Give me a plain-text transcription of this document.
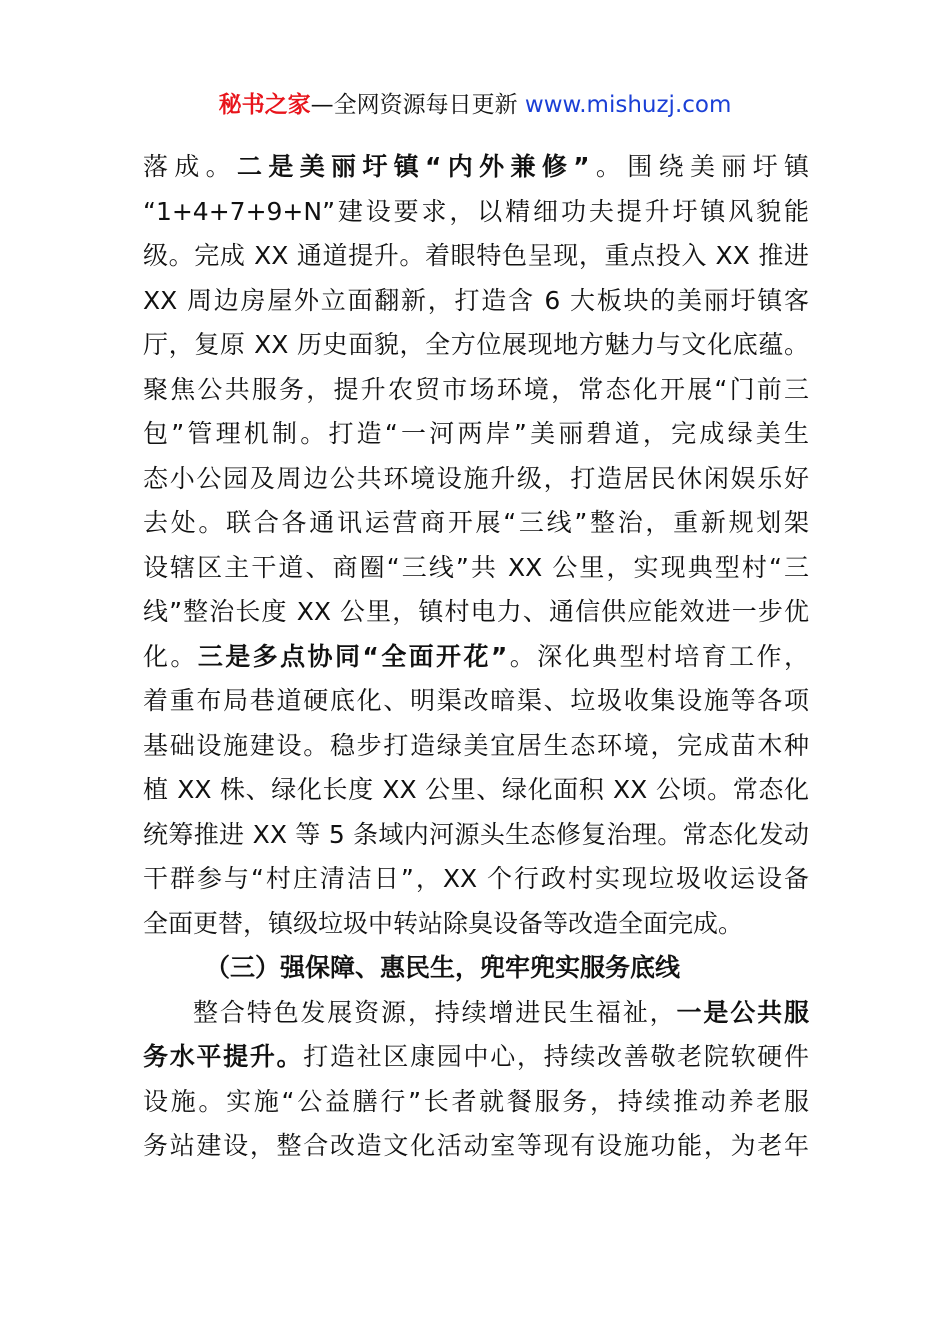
秘书之家—全网资源每日更新 www.mishuzj.com
落成。二是美丽圩镇“内外兼修”。围绕美丽圩镇
“1+4+7+9+N”建设要求，以精细功夫提升圩镇风貌能
级。完成 XX 通道提升。着眼特色呈现，重点投入 XX 推进
XX 周边房屋外立面翻新，打造含 6 大板块的美丽圩镇客
厅，复原 XX 历史面貌，全方位展现地方魅力与文化底蕴。
聚焦公共服务，提升农贸市场环境，常态化开展“门前三
包”管理机制。打造“一河两岸”美丽碧道，完成绿美生
态小公园及周边公共环境设施升级，打造居民休闲娱乐好
去处。联合各通讯运营商开展“三线”整治，重新规划架
设辖区主干道、商圈“三线”共 XX 公里，实现典型村“三
线”整治长度 XX 公里，镇村电力、通信供应能效进一步优
化。三是多点协同“全面开花”。深化典型村培育工作，
着重布局巷道硬底化、明渠改暗渠、垃圾收集设施等各项
基础设施建设。稳步打造绿美宜居生态环境，完成苗木种
植 XX 株、绿化长度 XX 公里、绿化面积 XX 公顷。常态化
统筹推进 XX 等 5 条域内河源头生态修复治理。常态化发动
干群参与“村庄清洁日”，XX 个行政村实现垃圾收运设备
全面更替，镇级垃圾中转站除臭设备等改造全面完成。
（三）强保障、惠民生，兜牢兜实服务底线
整合特色发展资源，持续增进民生福祉，一是公共服
务水平提升。打造社区康园中心，持续改善敬老院软硬件
设施。实施“公益膳行”长者就餐服务，持续推动养老服
务站建设，整合改造文化活动室等现有设施功能，为老年
